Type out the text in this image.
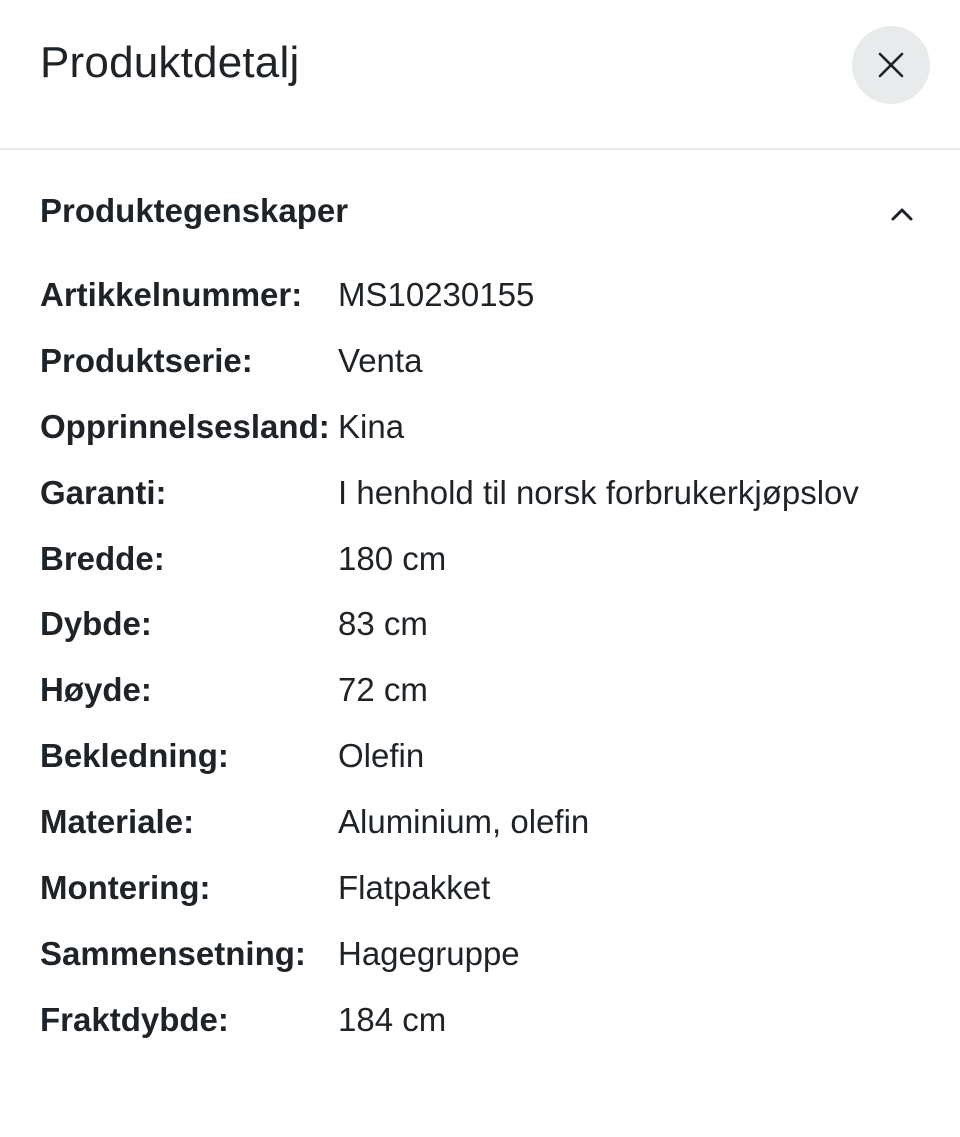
Produktdetalj
Produktegenskaper
Artikkelnummer:	MS10230155
Produktserie:	Venta
Opprinnelsesland: Kina
Garanti:	I henhold til norsk forbrukerkjøpslov
Bredde:	180 cm
Dybde:	83 cm
Høyde:	72 cm
Bekledning:	Olefin
Materiale:	Aluminium, olefin
Montering:	Flatpakket
Sammensetning: Hagegruppe
Fraktdybde:	184 cm
